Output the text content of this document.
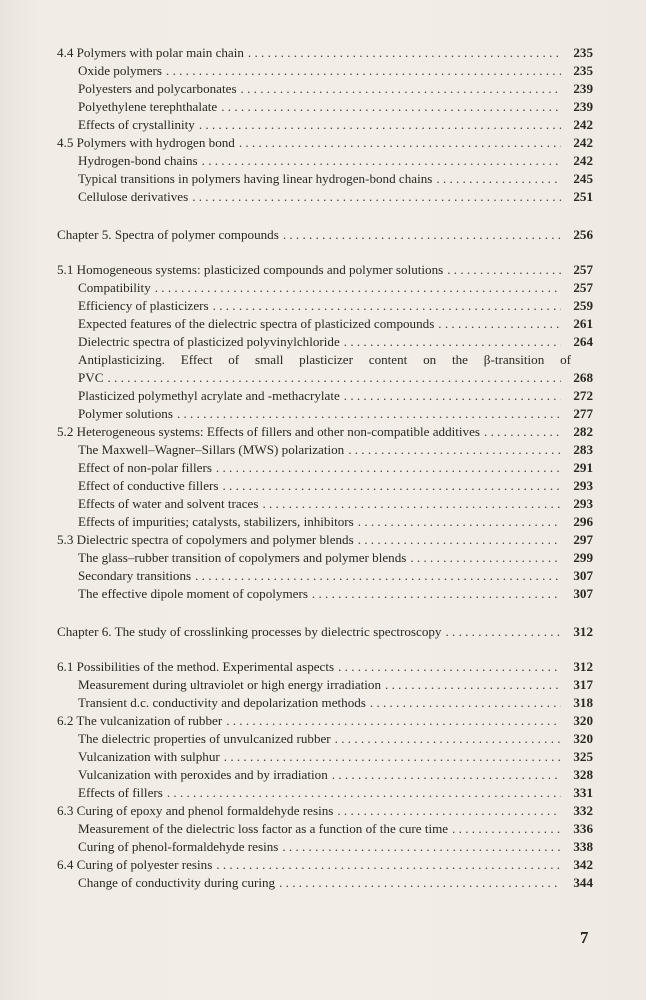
4.4 Polymers with polar main chain . . .	235
Oxide polymers . . .	235
Polyesters and polycarbonates . . .	239
Polyethylene terephthalate . . .	239
Effects of crystallinity . . .	242
4.5 Polymers with hydrogen bond . . .	242
Hydrogen-bond chains . . .	242
Typical transitions in polymers having linear hydrogen-bond chains . . .	245
Cellulose derivatives . . .	251
Chapter 5. Spectra of polymer compounds . . .	256
5.1 Homogeneous systems: plasticized compounds and polymer solutions . . .	257
Compatibility . . .	257
Efficiency of plasticizers . . .	259
Expected features of the dielectric spectra of plasticized compounds . . .	261
Dielectric spectra of plasticized polyvinylchloride . . .	264
Antiplasticizing. Effect of small plasticizer content on the β-transition of
PVC . . .	268
Plasticized polymethyl acrylate and -methacrylate . . .	272
Polymer solutions . . .	277
5.2 Heterogeneous systems: Effects of fillers and other non-compatible additives . . .	282
The Maxwell–Wagner–Sillars (MWS) polarization . . .	283
Effect of non-polar fillers . . .	291
Effect of conductive fillers . . .	293
Effects of water and solvent traces . . .	293
Effects of impurities; catalysts, stabilizers, inhibitors . . .	296
5.3 Dielectric spectra of copolymers and polymer blends . . .	297
The glass–rubber transition of copolymers and polymer blends . . .	299
Secondary transitions . . .	307
The effective dipole moment of copolymers . . .	307
Chapter 6. The study of crosslinking processes by dielectric spectroscopy . . .	312
6.1 Possibilities of the method. Experimental aspects . . .	312
Measurement during ultraviolet or high energy irradiation . . .	317
Transient d.c. conductivity and depolarization methods . . .	318
6.2 The vulcanization of rubber . . .	320
The dielectric properties of unvulcanized rubber . . .	320
Vulcanization with sulphur . . .	325
Vulcanization with peroxides and by irradiation . . .	328
Effects of fillers . . .	331
6.3 Curing of epoxy and phenol formaldehyde resins . . .	332
Measurement of the dielectric loss factor as a function of the cure time . . .	336
Curing of phenol-formaldehyde resins . . .	338
6.4 Curing of polyester resins . . .	342
Change of conductivity during curing . . .	344
7
